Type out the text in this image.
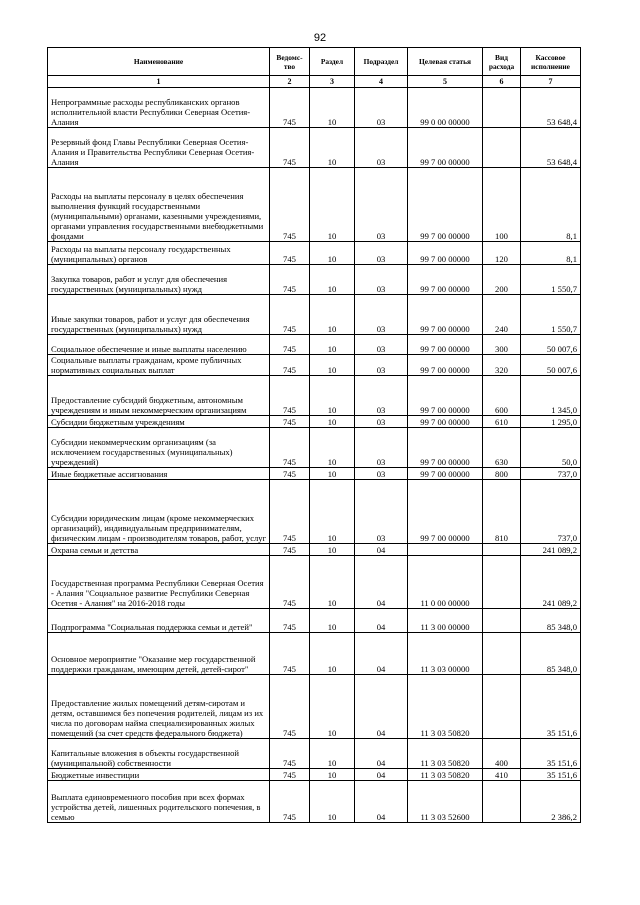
92
Наименование	Ведомс-тво	Раздел	Подраздел	Целевая статья	Вид расхода	Кассовое исполнение
1	2	3	4	5	6	7
Непрограммные расходы республиканских органов исполнительной власти Республики Северная Осетия-Алания	745	10	03	99 0 00 00000		53 648,4
Резервный фонд Главы Республики Северная Осетия-Алания и Правительства Республики Северная Осетия-Алания	745	10	03	99 7 00 00000		53 648,4
Расходы на выплаты персоналу в целях обеспечения выполнения функций государственными (муниципальными) органами, казенными учреждениями, органами управления государственными внебюджетными фондами	745	10	03	99 7 00 00000	100	8,1
Расходы на выплаты персоналу государственных (муниципальных) органов	745	10	03	99 7 00 00000	120	8,1
Закупка товаров, работ и услуг для обеспечения государственных (муниципальных) нужд	745	10	03	99 7 00 00000	200	1 550,7
Иные закупки товаров, работ и услуг для обеспечения государственных (муниципальных) нужд	745	10	03	99 7 00 00000	240	1 550,7
Социальное обеспечение и иные выплаты населению	745	10	03	99 7 00 00000	300	50 007,6
Социальные выплаты гражданам, кроме публичных нормативных социальных выплат	745	10	03	99 7 00 00000	320	50 007,6
Предоставление субсидий бюджетным, автономным учреждениям и иным некоммерческим организациям	745	10	03	99 7 00 00000	600	1 345,0
Субсидии бюджетным учреждениям	745	10	03	99 7 00 00000	610	1 295,0
Субсидии некоммерческим организациям (за исключением государственных (муниципальных) учреждений)	745	10	03	99 7 00 00000	630	50,0
Иные бюджетные ассигнования	745	10	03	99 7 00 00000	800	737,0
Субсидии юридическим лицам (кроме некоммерческих организаций), индивидуальным предпринимателям, физическим лицам - производителям товаров, работ, услуг	745	10	03	99 7 00 00000	810	737,0
Охрана семьи и детства	745	10	04			241 089,2
Государственная программа Республики Северная Осетия - Алания "Социальное развитие Республики Северная Осетия - Алания" на 2016-2018 годы	745	10	04	11 0 00 00000		241 089,2
Подпрограмма "Социальная поддержка семьи и детей"	745	10	04	11 3 00 00000		85 348,0
Основное мероприятие "Оказание мер государственной поддержки гражданам, имеющим детей, детей-сирот"	745	10	04	11 3 03 00000		85 348,0
Предоставление жилых помещений детям-сиротам и детям, оставшимся без попечения родителей, лицам из их числа по договорам найма специализированных жилых помещений (за счет средств федерального бюджета)	745	10	04	11 3 03 50820		35 151,6
Капитальные вложения в объекты государственной (муниципальной) собственности	745	10	04	11 3 03 50820	400	35 151,6
Бюджетные инвестиции	745	10	04	11 3 03 50820	410	35 151,6
Выплата единовременного пособия при всех формах устройства детей, лишенных родительского попечения, в семью	745	10	04	11 3 03 52600		2 386,2
